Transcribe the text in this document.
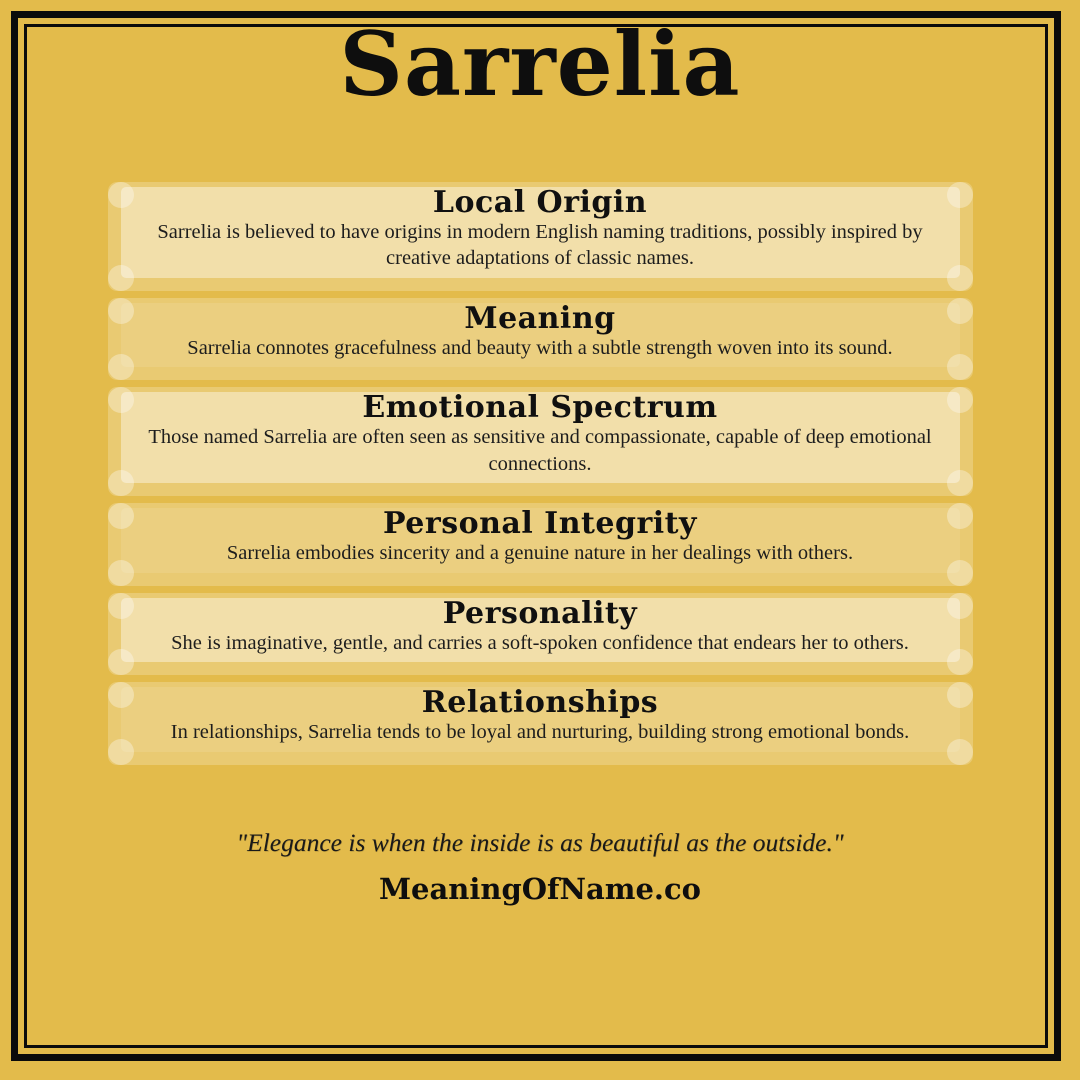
Sarrelia
Local Origin

Sarrelia is believed to have origins in modern English naming traditions, possibly inspired by creative adaptations of classic names.

Meaning

Sarrelia connotes gracefulness and beauty with a subtle strength woven into its sound.

Emotional Spectrum

Those named Sarrelia are often seen as sensitive and compassionate, capable of deep emotional connections.

Personal Integrity

Sarrelia embodies sincerity and a genuine nature in her dealings with others.

Personality

She is imaginative, gentle, and carries a soft-spoken confidence that endears her to others.

Relationships

In relationships, Sarrelia tends to be loyal and nurturing, building strong emotional bonds.

"Elegance is when the inside is as beautiful as the outside."

MeaningOfName.co
